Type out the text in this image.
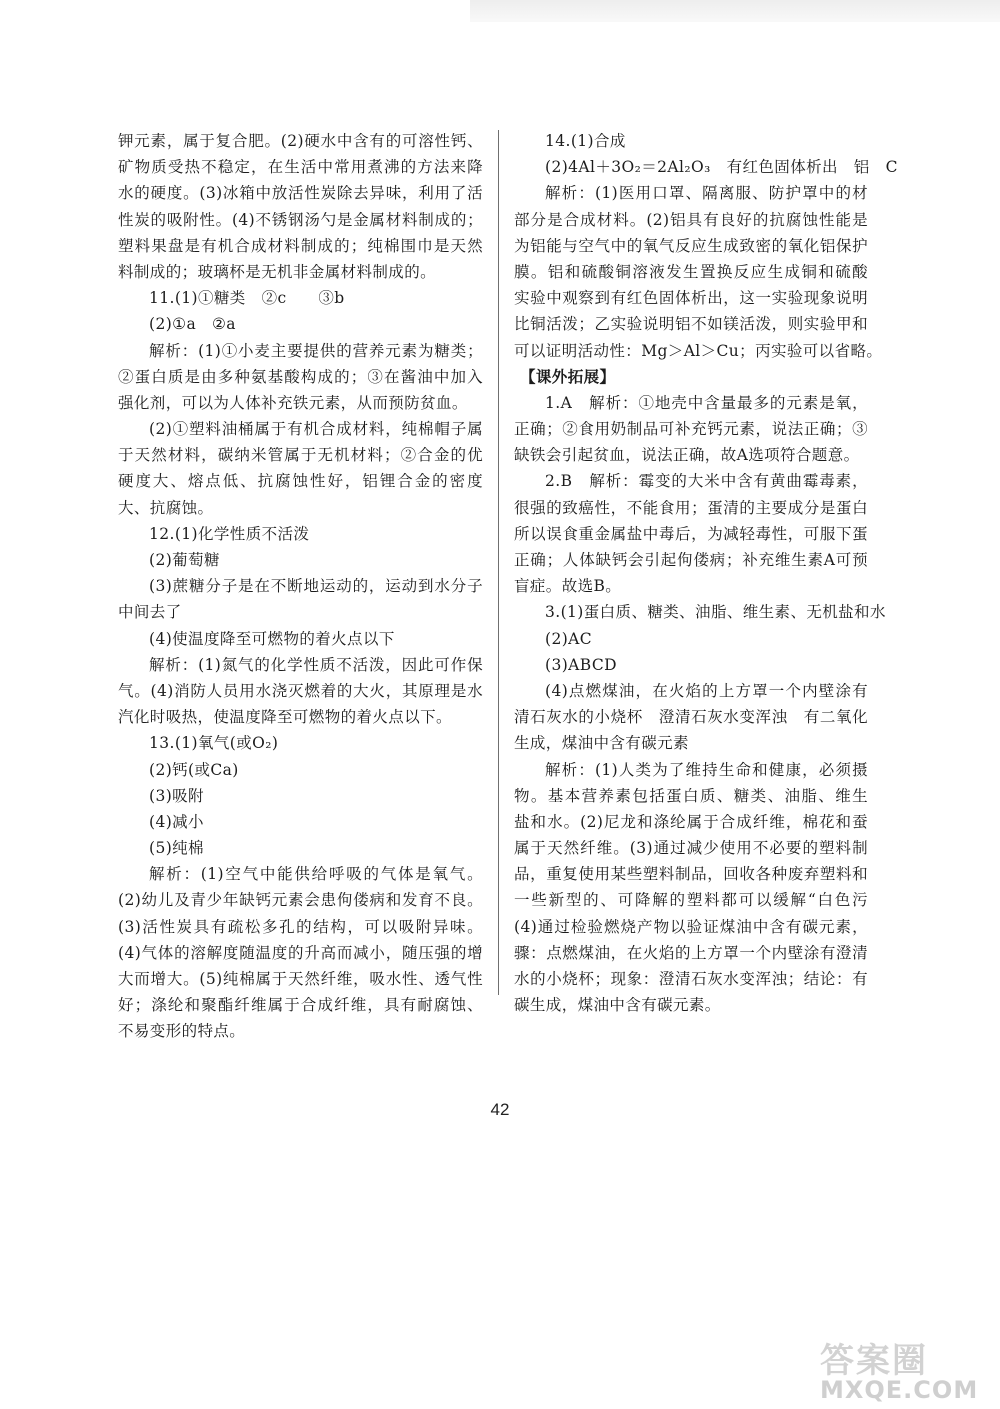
钾元素，属于复合肥。(2)硬水中含有的可溶性钙、
矿物质受热不稳定，在生活中常用煮沸的方法来降
水的硬度。(3)冰箱中放活性炭除去异味，利用了活
性炭的吸附性。(4)不锈钢汤勺是金属材料制成的；
塑料果盘是有机合成材料制成的；纯棉围巾是天然
料制成的；玻璃杯是无机非金属材料制成的。
11.(1)①糖类　②c　　③b
(2)①a　②a
解析：(1)①小麦主要提供的营养元素为糖类；
②蛋白质是由多种氨基酸构成的；③在酱油中加入
强化剂，可以为人体补充铁元素，从而预防贫血。
(2)①塑料油桶属于有机合成材料，纯棉帽子属
于天然材料，碳纳米管属于无机材料；②合金的优
硬度大、熔点低、抗腐蚀性好，铝锂合金的密度
大、抗腐蚀。
12.(1)化学性质不活泼
(2)葡萄糖
(3)蔗糖分子是在不断地运动的，运动到水分子
中间去了
(4)使温度降至可燃物的着火点以下
解析：(1)氮气的化学性质不活泼，因此可作保
气。(4)消防人员用水浇灭燃着的大火，其原理是水
汽化时吸热，使温度降至可燃物的着火点以下。
13.(1)氧气(或O₂)
(2)钙(或Ca)
(3)吸附
(4)减小
(5)纯棉
解析：(1)空气中能供给呼吸的气体是氧气。
(2)幼儿及青少年缺钙元素会患佝偻病和发育不良。
(3)活性炭具有疏松多孔的结构，可以吸附异味。
(4)气体的溶解度随温度的升高而减小，随压强的增
大而增大。(5)纯棉属于天然纤维，吸水性、透气性
好；涤纶和聚酯纤维属于合成纤维，具有耐腐蚀、
不易变形的特点。
14.(1)合成
(2)4Al＋3O₂＝2Al₂O₃　有红色固体析出　铝　C
解析：(1)医用口罩、隔离服、防护罩中的材
部分是合成材料。(2)铝具有良好的抗腐蚀性能是
为铝能与空气中的氧气反应生成致密的氧化铝保护
膜。铝和硫酸铜溶液发生置换反应生成铜和硫酸
实验中观察到有红色固体析出，这一实验现象说明
比铜活泼；乙实验说明铝不如镁活泼，则实验甲和
可以证明活动性：Mg＞Al＞Cu；丙实验可以省略。
【课外拓展】
1.A　解析：①地壳中含量最多的元素是氧，
正确；②食用奶制品可补充钙元素，说法正确；③
缺铁会引起贫血，说法正确，故A选项符合题意。
2.B　解析：霉变的大米中含有黄曲霉毒素，
很强的致癌性，不能食用；蛋清的主要成分是蛋白
所以误食重金属盐中毒后，为减轻毒性，可服下蛋
正确；人体缺钙会引起佝偻病；补充维生素A可预
盲症。故选B。
3.(1)蛋白质、糖类、油脂、维生素、无机盐和水
(2)AC
(3)ABCD
(4)点燃煤油，在火焰的上方罩一个内壁涂有
清石灰水的小烧杯　澄清石灰水变浑浊　有二氧化
生成，煤油中含有碳元素
解析：(1)人类为了维持生命和健康，必须摄
物。基本营养素包括蛋白质、糖类、油脂、维生
盐和水。(2)尼龙和涤纶属于合成纤维，棉花和蚕
属于天然纤维。(3)通过减少使用不必要的塑料制
品，重复使用某些塑料制品，回收各种废弃塑料和
一些新型的、可降解的塑料都可以缓解“白色污
(4)通过检验燃烧产物以验证煤油中含有碳元素，
骤：点燃煤油，在火焰的上方罩一个内壁涂有澄清
水的小烧杯；现象：澄清石灰水变浑浊；结论：有
碳生成，煤油中含有碳元素。
42
答案圈
MXQE.COM
